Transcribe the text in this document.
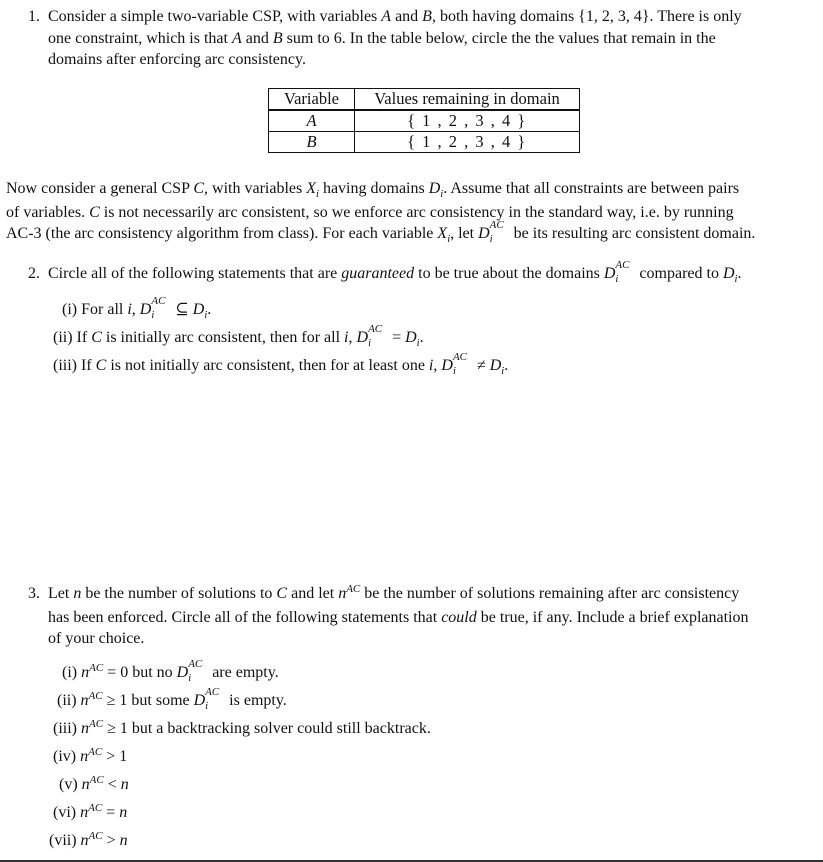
1. Consider a simple two-variable CSP, with variables A and B, both having domains {1, 2, 3, 4}. There is only
one constraint, which is that A and B sum to 6. In the table below, circle the the values that remain in the
domains after enforcing arc consistency.
Variable	Values remaining in domain
A	{ 1 , 2 , 3 , 4 }
B	{ 1 , 2 , 3 , 4 }
Now consider a general CSP C, with variables $X_i$ having domains $D_i$. Assume that all constraints are between pairs
of variables. C is not necessarily arc consistent, so we enforce arc consistency in the standard way, i.e. by running
AC-3 (the arc consistency algorithm from class). For each variable $X_i$, let D AC
i be its resulting arc consistent domain.
2. Circle all of the following statements that are guaranteed to be true about the domains D AC
i compared to $D_i$.
(i) For all i, D AC
i ⊆ $D_i$.
(ii) If C is initially arc consistent, then for all i, D AC
$i = D_i$.
(iii) If C is not initially arc consistent, then for at least one i, D AC
$i \ne D_i$.
3. Let n be the number of solutions to C and let $n^{AC}$ be the number of solutions remaining after arc consistency
has been enforced. Circle all of the following statements that could be true, if any. Include a brief explanation
of your choice.
(i) $n^{AC} = 0$ but no D AC
i are empty.
(ii) $n^{AC} \ge 1$ but some D AC
i is empty.
(iii) $n^{AC} \ge 1$ but a backtracking solver could still backtrack.
(iv) $n^{AC} > 1$
(v) $n^{AC} < n$
(vi) $n^{AC} = n$
(vii) $n^{AC} > n$
